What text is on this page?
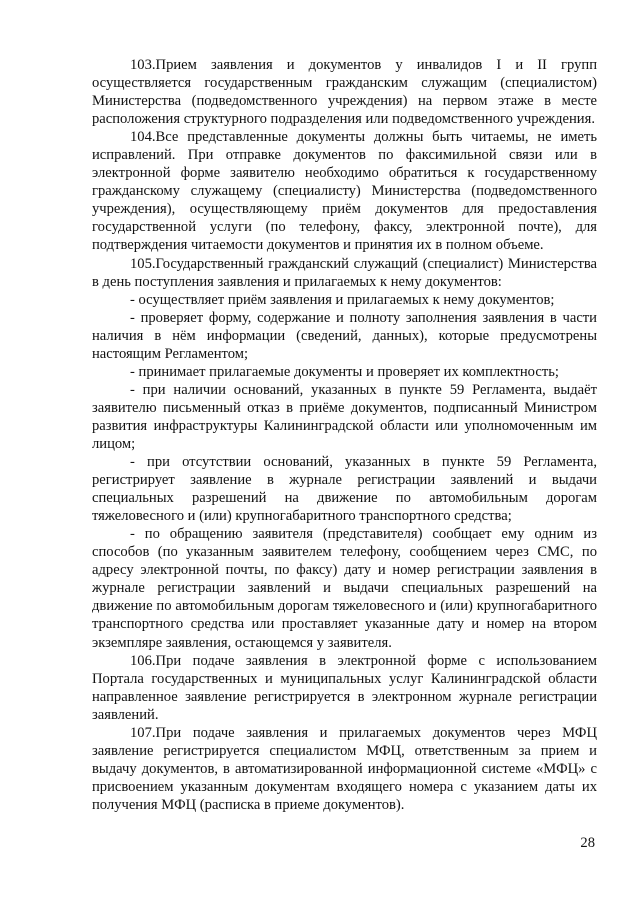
103.Прием заявления и документов у инвалидов I и II групп осуществляется государственным гражданским служащим (специалистом) Министерства (подведомственного учреждения) на первом этаже в месте расположения структурного подразделения или подведомственного учреждения.

104.Все представленные документы должны быть читаемы, не иметь исправлений. При отправке документов по факсимильной связи или в электронной форме заявителю необходимо обратиться к государственному гражданскому служащему (специалисту) Министерства (подведомственного учреждения), осуществляющему приём документов для предоставления государственной услуги (по телефону, факсу, электронной почте), для подтверждения читаемости документов и принятия их в полном объеме.

105.Государственный гражданский служащий (специалист) Министерства в день поступления заявления и прилагаемых к нему документов:

- осуществляет приём заявления и прилагаемых к нему документов;

- проверяет форму, содержание и полноту заполнения заявления в части наличия в нём информации (сведений, данных), которые предусмотрены настоящим Регламентом;

- принимает прилагаемые документы и проверяет их комплектность;

- при наличии оснований, указанных в пункте 59 Регламента, выдаёт заявителю письменный отказ в приёме документов, подписанный Министром развития инфраструктуры Калининградской области или уполномоченным им лицом;

- при отсутствии оснований, указанных в пункте 59 Регламента, регистрирует заявление в журнале регистрации заявлений и выдачи специальных разрешений на движение по автомобильным дорогам тяжеловесного и (или) крупногабаритного транспортного средства;

- по обращению заявителя (представителя) сообщает ему одним из способов (по указанным заявителем телефону, сообщением через СМС, по адресу электронной почты, по факсу) дату и номер регистрации заявления в журнале регистрации заявлений и выдачи специальных разрешений на движение по автомобильным дорогам тяжеловесного и (или) крупногабаритного транспортного средства или проставляет указанные дату и номер на втором экземпляре заявления, остающемся у заявителя.

106.При подаче заявления в электронной форме с использованием Портала государственных и муниципальных услуг Калининградской области направленное заявление регистрируется в электронном журнале регистрации заявлений.

107.При подаче заявления и прилагаемых документов через МФЦ заявление регистрируется специалистом МФЦ, ответственным за прием и выдачу документов, в автоматизированной информационной системе «МФЦ» с присвоением указанным документам входящего номера с указанием даты их получения МФЦ (расписка в приеме документов).

28
